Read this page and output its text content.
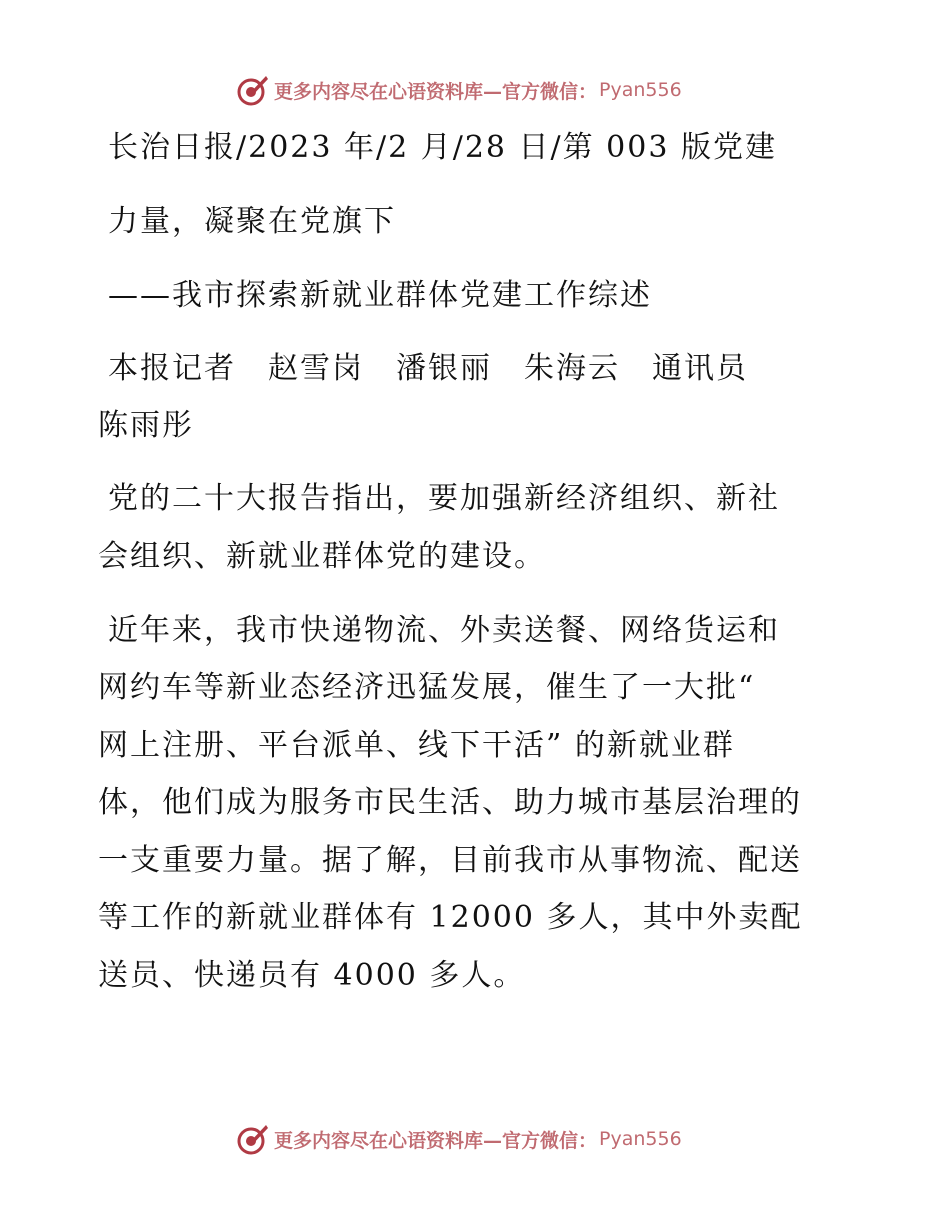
更多内容尽在心语资料库— 官方微信： Pyan556
长治日报/2023 年/2 月/28 日/第 003 版党建
力量，凝聚在党旗下
——我市探索新就业群体党建工作综述
本报记者　赵雪岗　潘银丽　朱海云　通讯员
陈雨彤
党的二十大报告指出，要加强新经济组织、新社
会组织、新就业群体党的建设。
近年来，我市快递物流、外卖送餐、网络货运和
网约车等新业态经济迅猛发展，催生了一大批“
网上注册、平台派单、线下干活” 的新就业群
体，他们成为服务市民生活、助力城市基层治理的
一支重要力量。据了解，目前我市从事物流、配送
等工作的新就业群体有 12000 多人，其中外卖配
送员、快递员有 4000 多人。
更多内容尽在心语资料库— 官方微信： Pyan556
